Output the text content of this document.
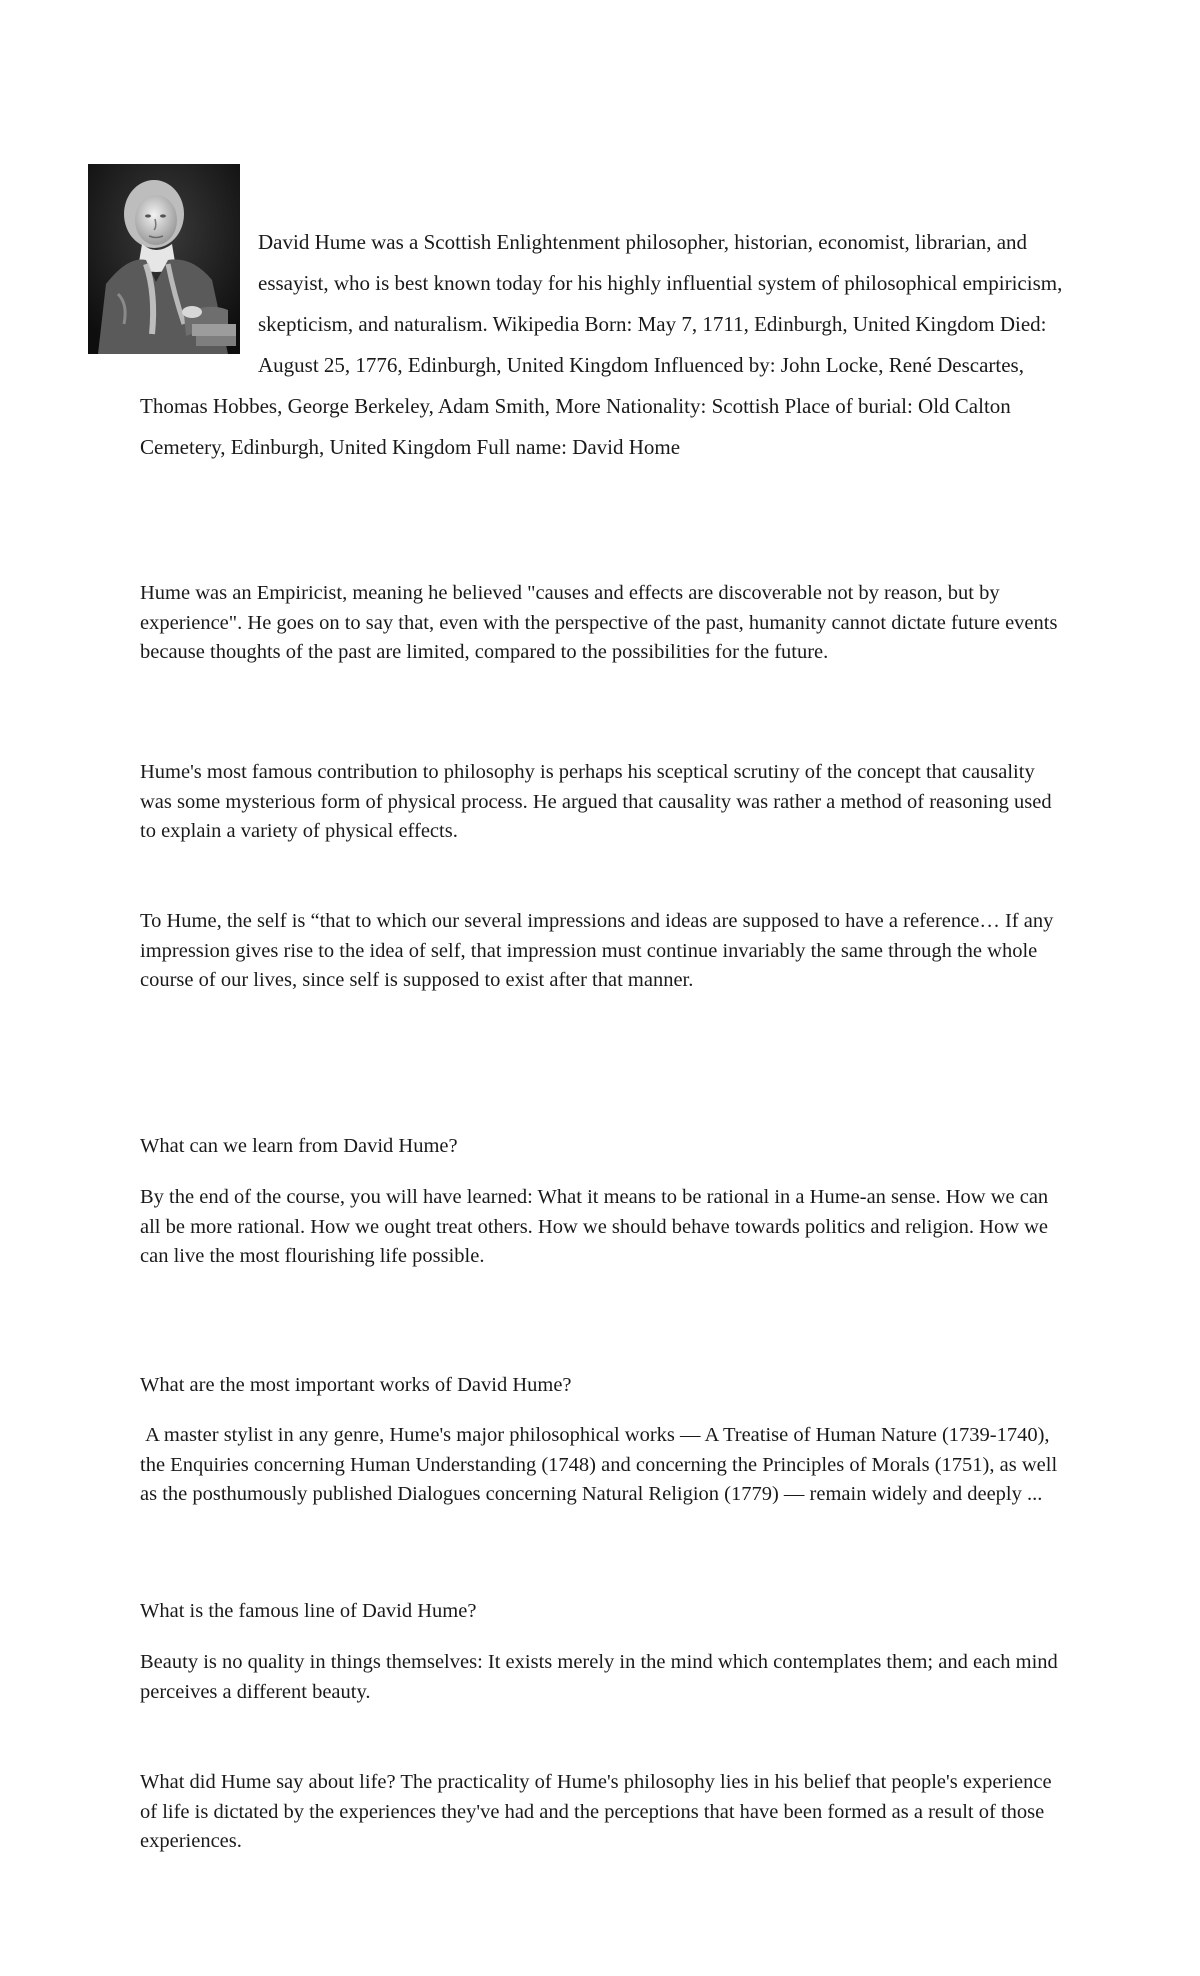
David Hume was a Scottish Enlightenment philosopher, historian, economist, librarian, and essayist, who is best known today for his highly influential system of philosophical empiricism, skepticism, and naturalism. Wikipedia Born: May 7, 1711, Edinburgh, United Kingdom Died: August 25, 1776, Edinburgh, United Kingdom Influenced by: John Locke, René Descartes, Thomas Hobbes, George Berkeley, Adam Smith, More Nationality: Scottish Place of burial: Old Calton Cemetery, Edinburgh, United Kingdom Full name: David Home

Hume was an Empiricist, meaning he believed "causes and effects are discoverable not by reason, but by experience". He goes on to say that, even with the perspective of the past, humanity cannot dictate future events because thoughts of the past are limited, compared to the possibilities for the future.

Hume's most famous contribution to philosophy is perhaps his sceptical scrutiny of the concept that causality was some mysterious form of physical process. He argued that causality was rather a method of reasoning used to explain a variety of physical effects.

To Hume, the self is “that to which our several impressions and ideas are supposed to have a reference… If any impression gives rise to the idea of self, that impression must continue invariably the same through the whole course of our lives, since self is supposed to exist after that manner.

What can we learn from David Hume?

By the end of the course, you will have learned: What it means to be rational in a Hume-an sense. How we can all be more rational. How we ought treat others. How we should behave towards politics and religion. How we can live the most flourishing life possible.

What are the most important works of David Hume?

A master stylist in any genre, Hume's major philosophical works — A Treatise of Human Nature (1739-1740), the Enquiries concerning Human Understanding (1748) and concerning the Principles of Morals (1751), as well as the posthumously published Dialogues concerning Natural Religion (1779) — remain widely and deeply ...

What is the famous line of David Hume?

Beauty is no quality in things themselves: It exists merely in the mind which contemplates them; and each mind perceives a different beauty.

What did Hume say about life? The practicality of Hume's philosophy lies in his belief that people's experience of life is dictated by the experiences they've had and the perceptions that have been formed as a result of those experiences.
